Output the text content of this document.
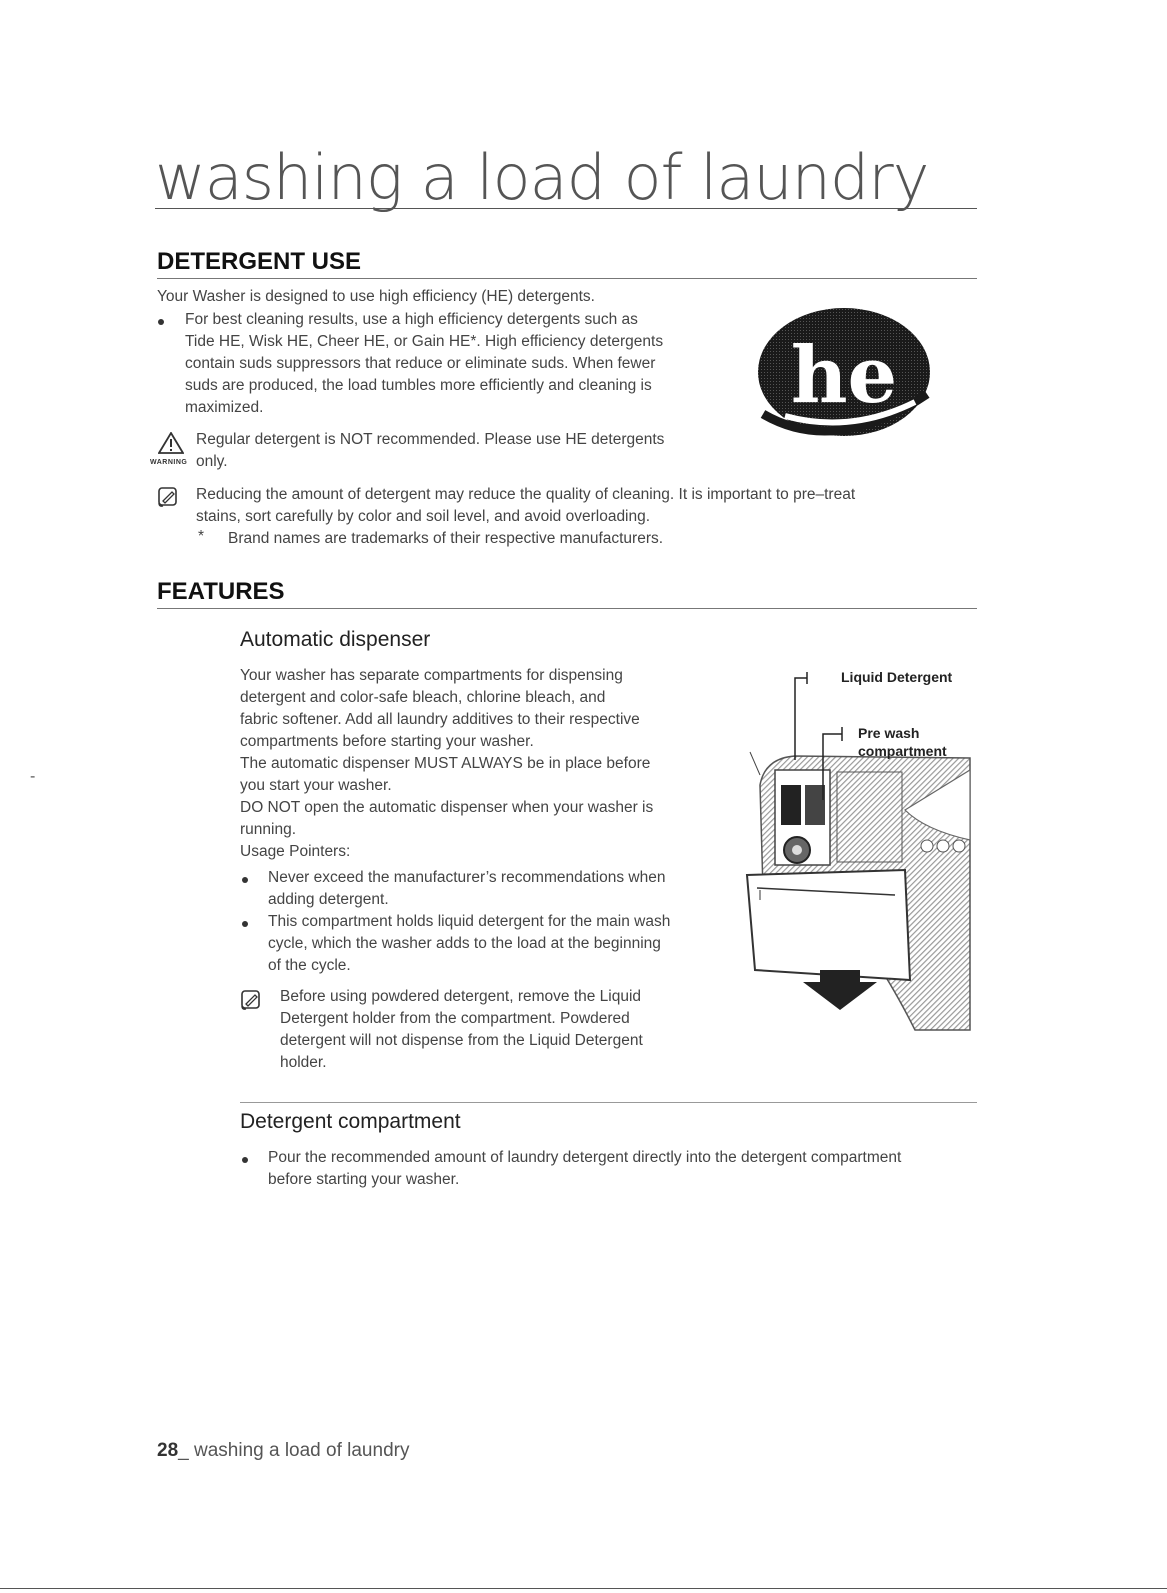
washing a load of laundry
DETERGENT USE
Your Washer is designed to use high efficiency (HE) detergents.
For best cleaning results, use a high efficiency detergents such as
Tide HE, Wisk HE, Cheer HE, or Gain HE*. High efficiency detergents
contain suds suppressors that reduce or eliminate suds. When fewer
suds are produced, the load tumbles more efficiently and cleaning is
maximized.	he
WARNING
Regular detergent is NOT recommended. Please use HE detergents
only.
Reducing the amount of detergent may reduce the quality of cleaning. It is important to pre–treat
stains, sort carefully by color and soil level, and avoid overloading.
* Brand names are trademarks of their respective manufacturers.
FEATURES
Automatic dispenser
Your washer has separate compartments for dispensing
detergent and color-safe bleach, chlorine bleach, and
fabric softener. Add all laundry additives to their respective
compartments before starting your washer.
The automatic dispenser MUST ALWAYS be in place before
you start your washer.
DO NOT open the automatic dispenser when your washer is
running.
Usage Pointers:
Never exceed the manufacturer’s recommendations when
adding detergent.
This compartment holds liquid detergent for the main wash
cycle, which the washer adds to the load at the beginning
of the cycle.
Before using powdered detergent, remove the Liquid
Detergent holder from the compartment. Powdered
detergent will not dispense from the Liquid Detergent
holder.
Liquid Detergent
Pre wash
compartment
Detergent compartment
Pour the recommended amount of laundry detergent directly into the detergent compartment
before starting your washer.
-
28_ washing a load of laundry
